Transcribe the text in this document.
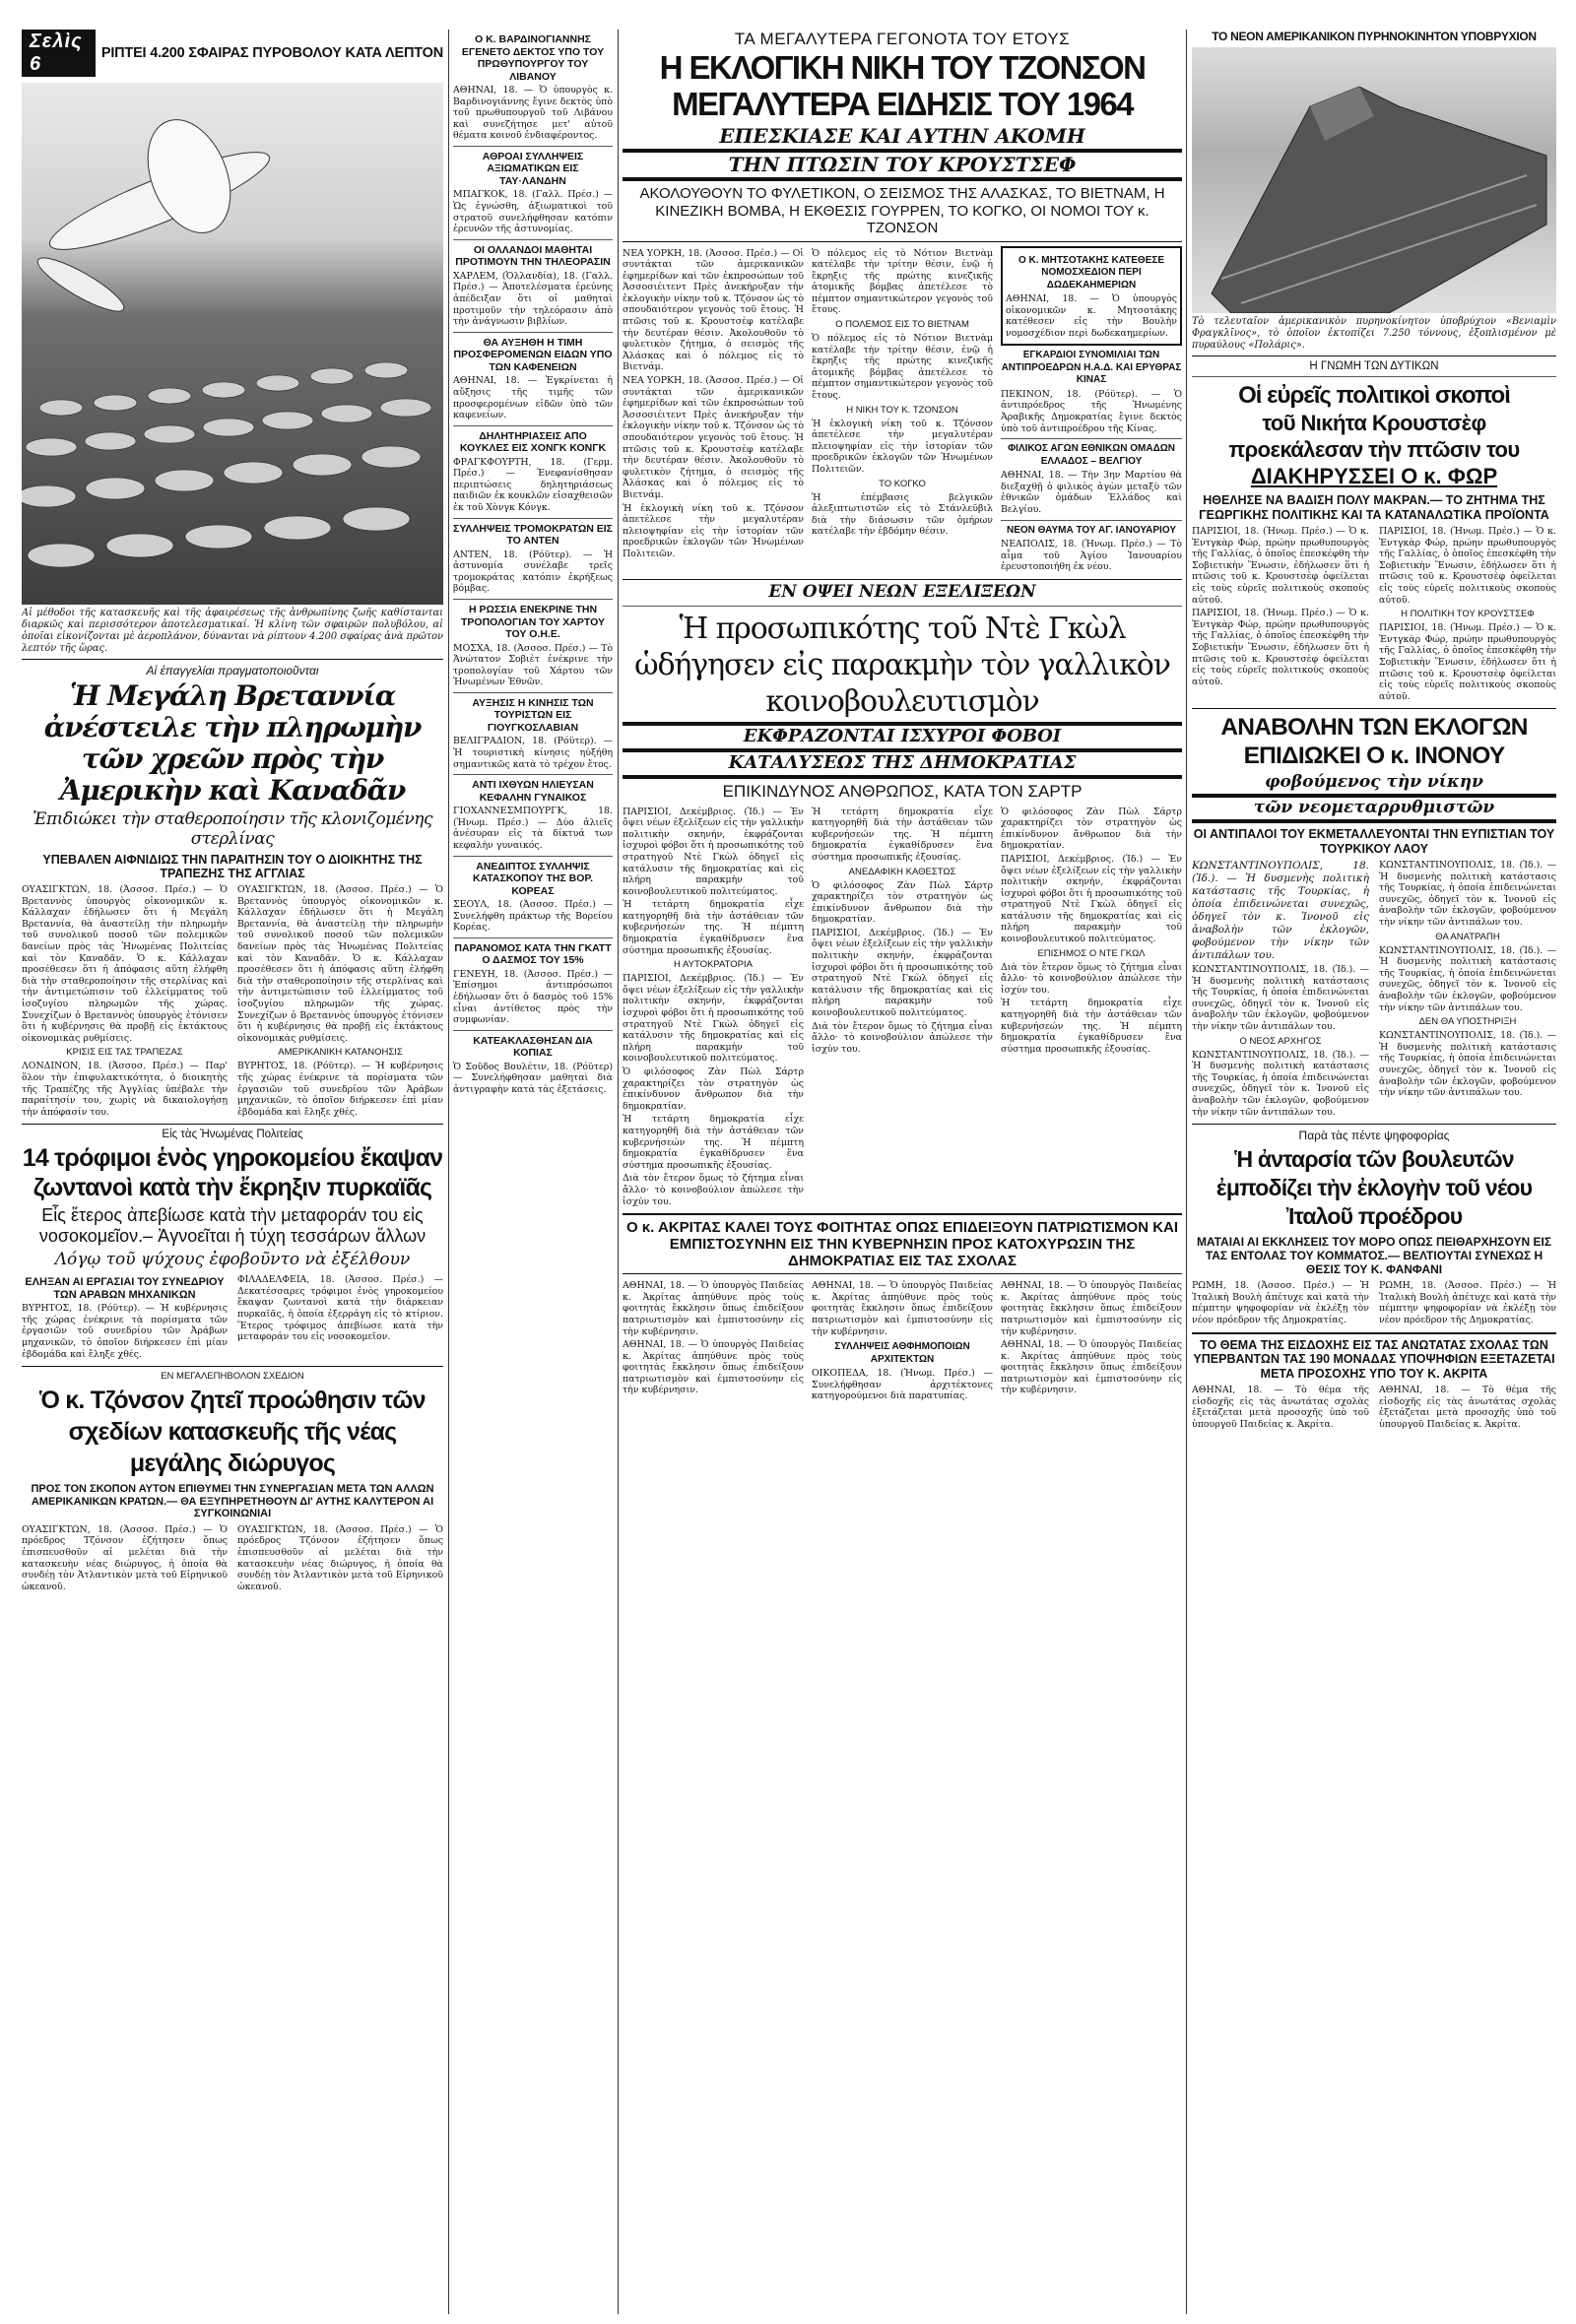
Σελὶς 6	ΡΙΠΤΕΙ 4.200 ΣΦΑΙΡΑΣ ΠΥΡΟΒΟΛΟΥ ΚΑΤΑ ΛΕΠΤΟΝ
Αἱ μέθοδοι τῆς κατασκευῆς καὶ τῆς ἀφαιρέσεως τῆς ἀνθρωπίνης ζωῆς καθίστανται διαρκῶς καὶ περισσότερον ἀποτελεσματικαί. Ἡ κλίνη τῶν σφαιρῶν πολυβόλου, αἱ ὁποῖαι εἰκονίζονται μὲ ἀεροπλάνον, δύνανται νὰ ρίπτουν 4.200 σφαίρας ἀνὰ πρῶτον λεπτόν τῆς ὥρας.
Αἱ ἐπαγγελίαι πραγματοποιοῦνται
Ἡ Μεγάλη Βρεταννία ἀνέστειλε τὴν πληρωμὴν τῶν χρεῶν πρὸς τὴν Ἀμερικὴν καὶ Καναδᾶν
Ἐπιδιώκει τὴν σταθεροποίησιν τῆς κλονιζομένης στερλίνας
ΥΠΕΒΑΛΕΝ ΑΙΦΝΙΔΙΩΣ ΤΗΝ ΠΑΡΑΙΤΗΣΙΝ ΤΟΥ Ο ΔΙΟΙΚΗΤΗΣ ΤΗΣ ΤΡΑΠΕΖΗΣ ΤΗΣ ΑΓΓΛΙΑΣ
ΟΥΑΣΙΓΚΤΩΝ, 18. (Ἀσσοσ. Πρέσ.) — Ὁ Βρεταννὸς ὑπουργὸς οἰκονομικῶν κ. Κάλλαχαν ἐδήλωσεν ὅτι ἡ Μεγάλη Βρεταννία, θὰ ἀναστείλῃ τὴν πληρωμὴν τοῦ συνολικοῦ ποσοῦ τῶν πολεμικῶν δανείων πρὸς τὰς Ἡνωμένας Πολιτείας καὶ τὸν Καναδᾶν. Ὁ κ. Κάλλαχαν προσέθεσεν ὅτι ἡ ἀπόφασις αὕτη ἐλήφθη διὰ τὴν σταθεροποίησιν τῆς στερλίνας καὶ τὴν ἀντιμετώπισιν τοῦ ἐλλείμματος τοῦ ἰσοζυγίου πληρωμῶν τῆς χώρας. Συνεχίζων ὁ Βρεταννὸς ὑπουργὸς ἐτόνισεν ὅτι ἡ κυβέρνησις θὰ προβῇ εἰς ἐκτάκτους οἰκονομικὰς ρυθμίσεις.
ΚΡΙΣΙΣ ΕΙΣ ΤΑΣ ΤΡΑΠΕΖΑΣ
ΛΟΝΔΙΝΟΝ, 18. (Ἀσσοσ. Πρέσ.) — Παρ' ὅλον τὴν ἐπιφυλακτικότητα, ὁ διοικητὴς τῆς Τραπέζης τῆς Ἀγγλίας ὑπέβαλε τὴν παραίτησίν του, χωρὶς νὰ δικαιολογήσῃ τὴν ἀπόφασίν του.
ΟΥΑΣΙΓΚΤΩΝ, 18. (Ἀσσοσ. Πρέσ.) — Ὁ Βρεταννὸς ὑπουργὸς οἰκονομικῶν κ. Κάλλαχαν ἐδήλωσεν ὅτι ἡ Μεγάλη Βρεταννία, θὰ ἀναστείλῃ τὴν πληρωμὴν τοῦ συνολικοῦ ποσοῦ τῶν πολεμικῶν δανείων πρὸς τὰς Ἡνωμένας Πολιτείας καὶ τὸν Καναδᾶν. Ὁ κ. Κάλλαχαν προσέθεσεν ὅτι ἡ ἀπόφασις αὕτη ἐλήφθη διὰ τὴν σταθεροποίησιν τῆς στερλίνας καὶ τὴν ἀντιμετώπισιν τοῦ ἐλλείμματος τοῦ ἰσοζυγίου πληρωμῶν τῆς χώρας. Συνεχίζων ὁ Βρεταννὸς ὑπουργὸς ἐτόνισεν ὅτι ἡ κυβέρνησις θὰ προβῇ εἰς ἐκτάκτους οἰκονομικὰς ρυθμίσεις.
ΑΜΕΡΙΚΑΝΙΚΗ ΚΑΤΑΝΟΗΣΙΣ
ΒΥΡΗΤΟΣ, 18. (Ρόϋτερ). — Ἡ κυβέρνησις τῆς χώρας ἐνέκρινε τὰ πορίσματα τῶν ἐργασιῶν τοῦ συνεδρίου τῶν Ἀράβων μηχανικῶν, τὸ ὁποῖον διήρκεσεν ἐπὶ μίαν ἑβδομάδα καὶ ἔληξε χθές.
Εἰς τὰς Ἡνωμένας Πολιτείας
14 τρόφιμοι ἑνὸς γηροκομείου ἔκαψαν ζωντανοὶ κατὰ τὴν ἔκρηξιν πυρκαϊᾶς
Εἷς ἕτερος ἀπεβίωσε κατὰ τὴν μεταφοράν του εἰς νοσοκομεῖον.– Ἀγνοεῖται ἡ τύχη τεσσάρων ἄλλων
Λόγῳ τοῦ ψύχους ἐφοβοῦντο νὰ ἐξέλθουν
ΕΛΗΞΑΝ ΑΙ ΕΡΓΑΣΙΑΙ ΤΟΥ ΣΥΝΕΔΡΙΟΥ ΤΩΝ ΑΡΑΒΩΝ ΜΗΧΑΝΙΚΩΝ
ΒΥΡΗΤΟΣ, 18. (Ρόϋτερ). — Ἡ κυβέρνησις τῆς χώρας ἐνέκρινε τὰ πορίσματα τῶν ἐργασιῶν τοῦ συνεδρίου τῶν Ἀράβων μηχανικῶν, τὸ ὁποῖον διήρκεσεν ἐπὶ μίαν ἑβδομάδα καὶ ἔληξε χθές.
ΦΙΛΑΔΕΛΦΕΙΑ, 18. (Ἀσσοσ. Πρέσ.) — Δεκατέσσαρες τρόφιμοι ἐνὸς γηροκομείου ἔκαψαν ζωντανοὶ κατὰ τὴν διάρκειαν πυρκαϊᾶς, ἡ ὁποία ἐξερράγη εἰς τὸ κτίριον. Ἕτερος τρόφιμος ἀπεβίωσε κατὰ τὴν μεταφοράν του εἰς νοσοκομεῖον.
ΕΝ ΜΕΓΑΛΕΠΗΒΟΛΟΝ ΣΧΕΔΙΟΝ
Ὁ κ. Τζόνσον ζητεῖ προώθησιν τῶν σχεδίων κατασκευῆς τῆς νέας μεγάλης διώρυγος
ΠΡΟΣ ΤΟΝ ΣΚΟΠΟΝ ΑΥΤΟΝ ΕΠΙΘΥΜΕΙ ΤΗΝ ΣΥΝΕΡΓΑΣΙΑΝ ΜΕΤΑ ΤΩΝ ΑΛΛΩΝ ΑΜΕΡΙΚΑΝΙΚΩΝ ΚΡΑΤΩΝ.— ΘΑ ΕΞΥΠΗΡΕΤΗΘΟΥΝ ΔΙ' ΑΥΤΗΣ ΚΑΛΥΤΕΡΟΝ ΑΙ ΣΥΓΚΟΙΝΩΝΙΑΙ
ΟΥΑΣΙΓΚΤΩΝ, 18. (Ἀσσοσ. Πρέσ.) — Ὁ πρόεδρος Τζόνσον ἐζήτησεν ὅπως ἐπισπευσθοῦν αἱ μελέται διὰ τὴν κατασκευὴν νέας διώρυγος, ἡ ὁποία θὰ συνδέῃ τὸν Ἀτλαντικὸν μετὰ τοῦ Εἰρηνικοῦ ὠκεανοῦ.
ΟΥΑΣΙΓΚΤΩΝ, 18. (Ἀσσοσ. Πρέσ.) — Ὁ πρόεδρος Τζόνσον ἐζήτησεν ὅπως ἐπισπευσθοῦν αἱ μελέται διὰ τὴν κατασκευὴν νέας διώρυγος, ἡ ὁποία θὰ συνδέῃ τὸν Ἀτλαντικὸν μετὰ τοῦ Εἰρηνικοῦ ὠκεανοῦ.
Ο Κ. ΒΑΡΔΙΝΟΓΙΑΝΝΗΣ ΕΓΕΝΕΤΟ ΔΕΚΤΟΣ ΥΠΟ ΤΟΥ ΠΡΩΘΥΠΟΥΡΓΟΥ ΤΟΥ ΛΙΒΑΝΟΥ
ΑΘΗΝΑΙ, 18. — Ὁ ὑπουργὸς κ. Βαρδινογιάννης ἔγινε δεκτὸς ὑπὸ τοῦ πρωθυπουργοῦ τοῦ Λιβάνου καὶ συνεζήτησε μετ' αὐτοῦ θέματα κοινοῦ ἐνδιαφέροντος.
ΑΘΡΟΑΙ ΣΥΛΛΗΨΕΙΣ ΑΞΙΩΜΑΤΙΚΩΝ ΕΙΣ ΤΑΥ·ΛΑΝΔΗΝ
ΜΠΑΓΚΟΚ, 18. (Γαλλ. Πρέσ.) — Ὡς ἐγνώσθη, ἀξιωματικοὶ τοῦ στρατοῦ συνελήφθησαν κατόπιν ἐρευνῶν τῆς ἀστυνομίας.
ΟΙ ΟΛΛΑΝΔΟΙ ΜΑΘΗΤΑΙ ΠΡΟΤΙΜΟΥΝ ΤΗΝ ΤΗΛΕΟΡΑΣΙΝ
ΧΑΡΛΕΜ, (Ὁλλανδία), 18. (Γαλλ. Πρέσ.) — Ἀποτελέσματα ἐρεύνης ἀπέδειξαν ὅτι οἱ μαθηταὶ προτιμοῦν τὴν τηλεόρασιν ἀπὸ τὴν ἀνάγνωσιν βιβλίων.
ΘΑ ΑΥΞΗΘΗ Η ΤΙΜΗ ΠΡΟΣΦΕΡΟΜΕΝΩΝ ΕΙΔΩΝ ΥΠΟ ΤΩΝ ΚΑΦΕΝΕΙΩΝ
ΑΘΗΝΑΙ, 18. — Ἐγκρίνεται ἡ αὔξησις τῆς τιμῆς τῶν προσφερομένων εἰδῶν ὑπὸ τῶν καφενείων.
ΔΗΛΗΤΗΡΙΑΣΕΙΣ ΑΠΟ ΚΟΥΚΛΕΣ ΕΙΣ ΧΟΝΓΚ ΚΟΝΓΚ
ΦΡΑΓΚΦΟΥΡΤΗ, 18. (Γερμ. Πρέσ.) — Ἐνεφανίσθησαν περιπτώσεις δηλητηριάσεως παιδιῶν ἐκ κουκλῶν εἰσαχθεισῶν ἐκ τοῦ Χὸνγκ Κόνγκ.
ΣΥΛΛΗΨΕΙΣ ΤΡΟΜΟΚΡΑΤΩΝ ΕΙΣ ΤΟ ΑΝΤΕΝ
ΑΝΤΕΝ, 18. (Ρόϋτερ). — Ἡ ἀστυνομία συνέλαβε τρεῖς τρομοκράτας κατόπιν ἐκρήξεως βόμβας.
Η ΡΩΣΣΙΑ ΕΝΕΚΡΙΝΕ ΤΗΝ ΤΡΟΠΟΛΟΓΙΑΝ ΤΟΥ ΧΑΡΤΟΥ ΤΟΥ Ο.Η.Ε.
ΜΟΣΧΑ, 18. (Ἀσσοσ. Πρέσ.) — Τὸ Ἀνώτατον Σοβιὲτ ἐνέκρινε τὴν τροπολογίαν τοῦ Χάρτου τῶν Ἡνωμένων Ἐθνῶν.
ΑΥΞΗΣΙΣ Η ΚΙΝΗΣΙΣ ΤΩΝ ΤΟΥΡΙΣΤΩΝ ΕΙΣ ΓΙΟΥΓΚΟΣΛΑΒΙΑΝ
ΒΕΛΙΓΡΑΔΙΟΝ, 18. (Ρόϋτερ). — Ἡ τουριστικὴ κίνησις ηὐξήθη σημαντικῶς κατὰ τὸ τρέχον ἔτος.
ΑΝΤΙ ΙΧΘΥΩΝ ΗΛΙΕΥΣΑΝ ΚΕΦΑΛΗΝ ΓΥΝΑΙΚΟΣ
ΓΙΟΧΑΝΝΕΣΜΠΟΥΡΓΚ, 18. (Ἡνωμ. Πρέσ.) — Δύο ἁλιεῖς ἀνέσυραν εἰς τὰ δίκτυά των κεφαλὴν γυναικός.
ΑΝΕΔΙΠΤΟΣ ΣΥΛΛΗΨΙΣ ΚΑΤΑΣΚΟΠΟΥ ΤΗΣ ΒΟΡ. ΚΟΡΕΑΣ
ΣΕΟΥΛ, 18. (Ἀσσοσ. Πρέσ.) — Συνελήφθη πράκτωρ τῆς Βορείου Κορέας.
ΠΑΡΑΝΟΜΟΣ ΚΑΤΑ ΤΗΝ ΓΚΑΤΤ Ο ΔΑΣΜΟΣ ΤΟΥ 15%
ΓΕΝΕΥΗ, 18. (Ἀσσοσ. Πρέσ.) — Ἐπίσημοι ἀντιπρόσωποι ἐδήλωσαν ὅτι ὁ δασμὸς τοῦ 15% εἶναι ἀντίθετος πρὸς τὴν συμφωνίαν.
ΚΑΤΕΑΚΛΑΣΘΗΣΑΝ ΔΙΑ ΚΟΠΙΑΣ
Ὁ Σοῦδος Βουλέτιν, 18. (Ρόϋτερ) — Συνελήφθησαν μαθηταὶ διὰ ἀντιγραφὴν κατὰ τὰς ἐξετάσεις.
ΤΑ ΜΕΓΑΛΥΤΕΡΑ ΓΕΓΟΝΟΤΑ ΤΟΥ ΕΤΟΥΣ
Η ΕΚΛΟΓΙΚΗ ΝΙΚΗ ΤΟΥ ΤΖΟΝΣΟΝ
ΜΕΓΑΛΥΤΕΡΑ ΕΙΔΗΣΙΣ ΤΟΥ 1964
ΕΠΕΣΚΙΑΣΕ ΚΑΙ ΑΥΤΗΝ ΑΚΟΜΗ
ΤΗΝ ΠΤΩΣΙΝ ΤΟΥ ΚΡΟΥΣΤΣΕΦ
ΑΚΟΛΟΥΘΟΥΝ ΤΟ ΦΥΛΕΤΙΚΟΝ, Ο ΣΕΙΣΜΟΣ ΤΗΣ ΑΛΑΣΚΑΣ, ΤΟ ΒΙΕΤΝΑΜ, Η ΚΙΝΕΖΙΚΗ ΒΟΜΒΑ, Η ΕΚΘΕΣΙΣ ΓΟΥΡΡΕΝ, ΤΟ ΚΟΓΚΟ, ΟΙ ΝΟΜΟΙ ΤΟΥ κ. ΤΖΟΝΣΟΝ
ΝΕΑ ΥΟΡΚΗ, 18. (Ἀσσοσ. Πρέσ.) — Οἱ συντάκται τῶν ἀμερικανικῶν ἐφημερίδων καὶ τῶν ἐκπροσώπων τοῦ Ἀσσοσιέιτεντ Πρὲς ἀνεκήρυξαν τὴν ἐκλογικὴν νίκην τοῦ κ. Τζόνσον ὡς τὸ σπουδαιότερον γεγονὸς τοῦ ἔτους. Ἡ πτῶσις τοῦ κ. Κρουστσὲφ κατέλαβε τὴν δευτέραν θέσιν. Ἀκολουθοῦν τὸ φυλετικὸν ζήτημα, ὁ σεισμὸς τῆς Ἀλάσκας καὶ ὁ πόλεμος εἰς τὸ Βιετνάμ.
ΝΕΑ ΥΟΡΚΗ, 18. (Ἀσσοσ. Πρέσ.) — Οἱ συντάκται τῶν ἀμερικανικῶν ἐφημερίδων καὶ τῶν ἐκπροσώπων τοῦ Ἀσσοσιέιτεντ Πρὲς ἀνεκήρυξαν τὴν ἐκλογικὴν νίκην τοῦ κ. Τζόνσον ὡς τὸ σπουδαιότερον γεγονὸς τοῦ ἔτους. Ἡ πτῶσις τοῦ κ. Κρουστσὲφ κατέλαβε τὴν δευτέραν θέσιν. Ἀκολουθοῦν τὸ φυλετικὸν ζήτημα, ὁ σεισμὸς τῆς Ἀλάσκας καὶ ὁ πόλεμος εἰς τὸ Βιετνάμ.
Ἡ ἐκλογικὴ νίκη τοῦ κ. Τζόνσον ἀπετέλεσε τὴν μεγαλυτέραν πλειοψηφίαν εἰς τὴν ἱστορίαν τῶν προεδρικῶν ἐκλογῶν τῶν Ἡνωμένων Πολιτειῶν.
Ὁ πόλεμος εἰς τὸ Νότιον Βιετνὰμ κατέλαβε τὴν τρίτην θέσιν, ἐνῷ ἡ ἔκρηξις τῆς πρώτης κινεζικῆς ἀτομικῆς βόμβας ἀπετέλεσε τὸ πέμπτον σημαντικώτερον γεγονὸς τοῦ ἔτους.
Ο ΠΟΛΕΜΟΣ ΕΙΣ ΤΟ ΒΙΕΤΝΑΜ
Ὁ πόλεμος εἰς τὸ Νότιον Βιετνὰμ κατέλαβε τὴν τρίτην θέσιν, ἐνῷ ἡ ἔκρηξις τῆς πρώτης κινεζικῆς ἀτομικῆς βόμβας ἀπετέλεσε τὸ πέμπτον σημαντικώτερον γεγονὸς τοῦ ἔτους.
Η ΝΙΚΗ ΤΟΥ Κ. ΤΖΟΝΣΟΝ
Ἡ ἐκλογικὴ νίκη τοῦ κ. Τζόνσον ἀπετέλεσε τὴν μεγαλυτέραν πλειοψηφίαν εἰς τὴν ἱστορίαν τῶν προεδρικῶν ἐκλογῶν τῶν Ἡνωμένων Πολιτειῶν.
ΤΟ ΚΟΓΚΟ
Ἡ ἐπέμβασις βελγικῶν ἀλεξιπτωτιστῶν εἰς τὸ Στάνλεϋβιλ διὰ τὴν διάσωσιν τῶν ὁμήρων κατέλαβε τὴν ἑβδόμην θέσιν.
Ο Κ. ΜΗΤΣΟΤΑΚΗΣ ΚΑΤΕΘΕΣΕ ΝΟΜΟΣΧΕΔΙΟΝ ΠΕΡΙ ΔΩΔΕΚΑΗΜΕΡΙΩΝ
ΑΘΗΝΑΙ, 18. — Ὁ ὑπουργὸς οἰκονομικῶν κ. Μητσοτάκης κατέθεσεν εἰς τὴν Βουλὴν νομοσχέδιον περὶ δωδεκαημερίων.
ΕΓΚΑΡΔΙΟΙ ΣΥΝΟΜΙΛΙΑΙ ΤΩΝ ΑΝΤΙΠΡΟΕΔΡΩΝ Η.Α.Δ. ΚΑΙ ΕΡΥΘΡΑΣ ΚΙΝΑΣ
ΠΕΚΙΝΟΝ, 18. (Ρόϋτερ). — Ὁ ἀντιπρόεδρος τῆς Ἡνωμένης Ἀραβικῆς Δημοκρατίας ἔγινε δεκτὸς ὑπὸ τοῦ ἀντιπροέδρου τῆς Κίνας.
ΦΙΛΙΚΟΣ ΑΓΩΝ ΕΘΝΙΚΩΝ ΟΜΑΔΩΝ ΕΛΛΑΔΟΣ – ΒΕΛΓΙΟΥ
ΑΘΗΝΑΙ, 18. — Τὴν 3ην Μαρτίου θὰ διεξαχθῇ ὁ φιλικὸς ἀγὼν μεταξὺ τῶν ἐθνικῶν ὁμάδων Ἑλλάδος καὶ Βελγίου.
ΝΕΟΝ ΘΑΥΜΑ ΤΟΥ ΑΓ. ΙΑΝΟΥΑΡΙΟΥ
ΝΕΑΠΟΛΙΣ, 18. (Ἡνωμ. Πρέσ.) — Τὸ αἷμα τοῦ Ἁγίου Ἰανουαρίου ἐρευστοποιήθη ἐκ νέου.
ΕΝ ΟΨΕΙ ΝΕΩΝ ΕΞΕΛΙΞΕΩΝ
Ἡ προσωπικότης τοῦ Ντὲ Γκὼλ ὡδήγησεν εἰς παρακμὴν τὸν γαλλικὸν κοινοβουλευτισμὸν
ΕΚΦΡΑΖΟΝΤΑΙ ΙΣΧΥΡΟΙ ΦΟΒΟΙ
ΚΑΤΑΛΥΣΕΩΣ ΤΗΣ ΔΗΜΟΚΡΑΤΙΑΣ
ΕΠΙΚΙΝΔΥΝΟΣ ΑΝΘΡΩΠΟΣ, ΚΑΤΑ ΤΟΝ ΣΑΡΤΡ
ΠΑΡΙΣΙΟΙ, Δεκέμβριος. (Ἰδ.) — Ἐν ὄψει νέων ἐξελίξεων εἰς τὴν γαλλικὴν πολιτικὴν σκηνήν, ἐκφράζονται ἰσχυροὶ φόβοι ὅτι ἡ προσωπικότης τοῦ στρατηγοῦ Ντὲ Γκὼλ ὁδηγεῖ εἰς κατάλυσιν τῆς δημοκρατίας καὶ εἰς πλήρη παρακμὴν τοῦ κοινοβουλευτικοῦ πολιτεύματος.
Ἡ τετάρτη δημοκρατία εἶχε κατηγορηθῆ διὰ τὴν ἀστάθειαν τῶν κυβερνήσεών της. Ἡ πέμπτη δημοκρατία ἐγκαθίδρυσεν ἕνα σύστημα προσωπικῆς ἐξουσίας.
Η ΑΥΤΟΚΡΑΤΟΡΙΑ
ΠΑΡΙΣΙΟΙ, Δεκέμβριος. (Ἰδ.) — Ἐν ὄψει νέων ἐξελίξεων εἰς τὴν γαλλικὴν πολιτικὴν σκηνήν, ἐκφράζονται ἰσχυροὶ φόβοι ὅτι ἡ προσωπικότης τοῦ στρατηγοῦ Ντὲ Γκὼλ ὁδηγεῖ εἰς κατάλυσιν τῆς δημοκρατίας καὶ εἰς πλήρη παρακμὴν τοῦ κοινοβουλευτικοῦ πολιτεύματος.
Ὁ φιλόσοφος Ζὰν Πὼλ Σάρτρ χαρακτηρίζει τὸν στρατηγὸν ὡς ἐπικίνδυνον ἄνθρωπον διὰ τὴν δημοκρατίαν.
Ἡ τετάρτη δημοκρατία εἶχε κατηγορηθῆ διὰ τὴν ἀστάθειαν τῶν κυβερνήσεών της. Ἡ πέμπτη δημοκρατία ἐγκαθίδρυσεν ἕνα σύστημα προσωπικῆς ἐξουσίας.
Διὰ τὸν ἔτερον ὅμως τὸ ζήτημα εἶναι ἄλλο· τὸ κοινοβούλιον ἀπώλεσε τὴν ἰσχύν του.
Ἡ τετάρτη δημοκρατία εἶχε κατηγορηθῆ διὰ τὴν ἀστάθειαν τῶν κυβερνήσεών της. Ἡ πέμπτη δημοκρατία ἐγκαθίδρυσεν ἕνα σύστημα προσωπικῆς ἐξουσίας.
ΑΝΕΔΑΦΙΚΗ ΚΑΘΕΣΤΩΣ
Ὁ φιλόσοφος Ζὰν Πὼλ Σάρτρ χαρακτηρίζει τὸν στρατηγὸν ὡς ἐπικίνδυνον ἄνθρωπον διὰ τὴν δημοκρατίαν.
ΠΑΡΙΣΙΟΙ, Δεκέμβριος. (Ἰδ.) — Ἐν ὄψει νέων ἐξελίξεων εἰς τὴν γαλλικὴν πολιτικὴν σκηνήν, ἐκφράζονται ἰσχυροὶ φόβοι ὅτι ἡ προσωπικότης τοῦ στρατηγοῦ Ντὲ Γκὼλ ὁδηγεῖ εἰς κατάλυσιν τῆς δημοκρατίας καὶ εἰς πλήρη παρακμὴν τοῦ κοινοβουλευτικοῦ πολιτεύματος.
Διὰ τὸν ἔτερον ὅμως τὸ ζήτημα εἶναι ἄλλο· τὸ κοινοβούλιον ἀπώλεσε τὴν ἰσχύν του.
Ὁ φιλόσοφος Ζὰν Πὼλ Σάρτρ χαρακτηρίζει τὸν στρατηγὸν ὡς ἐπικίνδυνον ἄνθρωπον διὰ τὴν δημοκρατίαν.
ΠΑΡΙΣΙΟΙ, Δεκέμβριος. (Ἰδ.) — Ἐν ὄψει νέων ἐξελίξεων εἰς τὴν γαλλικὴν πολιτικὴν σκηνήν, ἐκφράζονται ἰσχυροὶ φόβοι ὅτι ἡ προσωπικότης τοῦ στρατηγοῦ Ντὲ Γκὼλ ὁδηγεῖ εἰς κατάλυσιν τῆς δημοκρατίας καὶ εἰς πλήρη παρακμὴν τοῦ κοινοβουλευτικοῦ πολιτεύματος.
ΕΠΙΣΗΜΟΣ Ο ΝΤΕ ΓΚΩΛ
Διὰ τὸν ἔτερον ὅμως τὸ ζήτημα εἶναι ἄλλο· τὸ κοινοβούλιον ἀπώλεσε τὴν ἰσχύν του.
Ἡ τετάρτη δημοκρατία εἶχε κατηγορηθῆ διὰ τὴν ἀστάθειαν τῶν κυβερνήσεών της. Ἡ πέμπτη δημοκρατία ἐγκαθίδρυσεν ἕνα σύστημα προσωπικῆς ἐξουσίας.
Ο κ. ΑΚΡΙΤΑΣ ΚΑΛΕΙ ΤΟΥΣ ΦΟΙΤΗΤΑΣ ΟΠΩΣ ΕΠΙΔΕΙΞΟΥΝ ΠΑΤΡΙΩΤΙΣΜΟΝ ΚΑΙ ΕΜΠΙΣΤΟΣΥΝΗΝ ΕΙΣ ΤΗΝ ΚΥΒΕΡΝΗΣΙΝ ΠΡΟΣ ΚΑΤΟΧΥΡΩΣΙΝ ΤΗΣ ΔΗΜΟΚΡΑΤΙΑΣ ΕΙΣ ΤΑΣ ΣΧΟΛΑΣ
ΑΘΗΝΑΙ, 18. — Ὁ ὑπουργὸς Παιδείας κ. Ἀκρίτας ἀπηύθυνε πρὸς τοὺς φοιτητὰς ἔκκλησιν ὅπως ἐπιδείξουν πατριωτισμὸν καὶ ἐμπιστοσύνην εἰς τὴν κυβέρνησιν.
ΑΘΗΝΑΙ, 18. — Ὁ ὑπουργὸς Παιδείας κ. Ἀκρίτας ἀπηύθυνε πρὸς τοὺς φοιτητὰς ἔκκλησιν ὅπως ἐπιδείξουν πατριωτισμὸν καὶ ἐμπιστοσύνην εἰς τὴν κυβέρνησιν.
ΑΘΗΝΑΙ, 18. — Ὁ ὑπουργὸς Παιδείας κ. Ἀκρίτας ἀπηύθυνε πρὸς τοὺς φοιτητὰς ἔκκλησιν ὅπως ἐπιδείξουν πατριωτισμὸν καὶ ἐμπιστοσύνην εἰς τὴν κυβέρνησιν.
ΣΥΛΛΗΨΕΙΣ ΑΘΦΗΜΟΠΟΙΩΝ ΑΡΧΙΤΕΚΤΩΝ
ΟΙΚΟΠΕΔΑ, 18. (Ἡνωμ. Πρέσ.) — Συνελήφθησαν ἀρχιτέκτονες κατηγορούμενοι διὰ παρατυπίας.
ΑΘΗΝΑΙ, 18. — Ὁ ὑπουργὸς Παιδείας κ. Ἀκρίτας ἀπηύθυνε πρὸς τοὺς φοιτητὰς ἔκκλησιν ὅπως ἐπιδείξουν πατριωτισμὸν καὶ ἐμπιστοσύνην εἰς τὴν κυβέρνησιν.
ΑΘΗΝΑΙ, 18. — Ὁ ὑπουργὸς Παιδείας κ. Ἀκρίτας ἀπηύθυνε πρὸς τοὺς φοιτητὰς ἔκκλησιν ὅπως ἐπιδείξουν πατριωτισμὸν καὶ ἐμπιστοσύνην εἰς τὴν κυβέρνησιν.
ΤΟ ΝΕΟΝ ΑΜΕΡΙΚΑΝΙΚΟΝ ΠΥΡΗΝΟΚΙΝΗΤΟΝ ΥΠΟΒΡΥΧΙΟΝ
Τὸ τελευταῖον ἀμερικανικὸν πυρηνοκίνητον ὑποβρύχιον «Βενιαμὶν Φραγκλῖνος», τὸ ὁποῖον ἐκτοπίζει 7.250 τόννους, ἐξοπλισμένον μὲ πυραύλους «Πολάρις».
Η ΓΝΩΜΗ ΤΩΝ ΔΥΤΙΚΩΝ
Οἱ εὐρεῖς πολιτικοὶ σκοποὶ
τοῦ Νικήτα Κρουστσὲφ
προεκάλεσαν τὴν πτῶσιν του
ΔΙΑΚΗΡΥΣΣΕΙ Ο κ. ΦΩΡ
ΗΘΕΛΗΣΕ ΝΑ ΒΑΔΙΣΗ ΠΟΛΥ ΜΑΚΡΑΝ.— ΤΟ ΖΗΤΗΜΑ ΤΗΣ ΓΕΩΡΓΙΚΗΣ ΠΟΛΙΤΙΚΗΣ ΚΑΙ ΤΑ ΚΑΤΑΝΑΛΩΤΙΚΑ ΠΡΟΪΟΝΤΑ
ΠΑΡΙΣΙΟΙ, 18. (Ἡνωμ. Πρέσ.) — Ὁ κ. Ἐντγκὰρ Φώρ, πρώην πρωθυπουργὸς τῆς Γαλλίας, ὁ ὁποῖος ἐπεσκέφθη τὴν Σοβιετικὴν Ἕνωσιν, ἐδήλωσεν ὅτι ἡ πτῶσις τοῦ κ. Κρουστσὲφ ὀφείλεται εἰς τοὺς εὐρεῖς πολιτικοὺς σκοποὺς αὐτοῦ.
ΠΑΡΙΣΙΟΙ, 18. (Ἡνωμ. Πρέσ.) — Ὁ κ. Ἐντγκὰρ Φώρ, πρώην πρωθυπουργὸς τῆς Γαλλίας, ὁ ὁποῖος ἐπεσκέφθη τὴν Σοβιετικὴν Ἕνωσιν, ἐδήλωσεν ὅτι ἡ πτῶσις τοῦ κ. Κρουστσὲφ ὀφείλεται εἰς τοὺς εὐρεῖς πολιτικοὺς σκοποὺς αὐτοῦ.
ΠΑΡΙΣΙΟΙ, 18. (Ἡνωμ. Πρέσ.) — Ὁ κ. Ἐντγκὰρ Φώρ, πρώην πρωθυπουργὸς τῆς Γαλλίας, ὁ ὁποῖος ἐπεσκέφθη τὴν Σοβιετικὴν Ἕνωσιν, ἐδήλωσεν ὅτι ἡ πτῶσις τοῦ κ. Κρουστσὲφ ὀφείλεται εἰς τοὺς εὐρεῖς πολιτικοὺς σκοποὺς αὐτοῦ.
Η ΠΟΛΙΤΙΚΗ ΤΟΥ ΚΡΟΥΣΤΣΕΦ
ΠΑΡΙΣΙΟΙ, 18. (Ἡνωμ. Πρέσ.) — Ὁ κ. Ἐντγκὰρ Φώρ, πρώην πρωθυπουργὸς τῆς Γαλλίας, ὁ ὁποῖος ἐπεσκέφθη τὴν Σοβιετικὴν Ἕνωσιν, ἐδήλωσεν ὅτι ἡ πτῶσις τοῦ κ. Κρουστσὲφ ὀφείλεται εἰς τοὺς εὐρεῖς πολιτικοὺς σκοποὺς αὐτοῦ.
ΑΝΑΒΟΛΗΝ ΤΩΝ ΕΚΛΟΓΩΝ
ΕΠΙΔΙΩΚΕΙ Ο κ. ΙΝΟΝΟΥ
φοβούμενος τὴν νίκην
τῶν νεοµεταρρυθμιστῶν
ΟΙ ΑΝΤΙΠΑΛΟΙ ΤΟΥ ΕΚΜΕΤΑΛΛΕΥΟΝΤΑΙ ΤΗΝ ΕΥΠΙΣΤΙΑΝ ΤΟΥ ΤΟΥΡΚΙΚΟΥ ΛΑΟΥ
ΚΩΝΣΤΑΝΤΙΝΟΥΠΟΛΙΣ, 18. (Ἰδ.). — Ἡ δυσμενὴς πολιτικὴ κατάστασις τῆς Τουρκίας, ἡ ὁποία ἐπιδεινώνεται συνεχῶς, ὁδηγεῖ τὸν κ. Ἰνονοῦ εἰς ἀναβολὴν τῶν ἐκλογῶν, φοβούμενον τὴν νίκην τῶν ἀντιπάλων του.
ΚΩΝΣΤΑΝΤΙΝΟΥΠΟΛΙΣ, 18. (Ἰδ.). — Ἡ δυσμενὴς πολιτικὴ κατάστασις τῆς Τουρκίας, ἡ ὁποία ἐπιδεινώνεται συνεχῶς, ὁδηγεῖ τὸν κ. Ἰνονοῦ εἰς ἀναβολὴν τῶν ἐκλογῶν, φοβούμενον τὴν νίκην τῶν ἀντιπάλων του.
Ο ΝΕΟΣ ΑΡΧΗΓΟΣ
ΚΩΝΣΤΑΝΤΙΝΟΥΠΟΛΙΣ, 18. (Ἰδ.). — Ἡ δυσμενὴς πολιτικὴ κατάστασις τῆς Τουρκίας, ἡ ὁποία ἐπιδεινώνεται συνεχῶς, ὁδηγεῖ τὸν κ. Ἰνονοῦ εἰς ἀναβολὴν τῶν ἐκλογῶν, φοβούμενον τὴν νίκην τῶν ἀντιπάλων του.
ΚΩΝΣΤΑΝΤΙΝΟΥΠΟΛΙΣ, 18. (Ἰδ.). — Ἡ δυσμενὴς πολιτικὴ κατάστασις τῆς Τουρκίας, ἡ ὁποία ἐπιδεινώνεται συνεχῶς, ὁδηγεῖ τὸν κ. Ἰνονοῦ εἰς ἀναβολὴν τῶν ἐκλογῶν, φοβούμενον τὴν νίκην τῶν ἀντιπάλων του.
ΘΑ ΑΝΑΤΡΑΠΗ
ΚΩΝΣΤΑΝΤΙΝΟΥΠΟΛΙΣ, 18. (Ἰδ.). — Ἡ δυσμενὴς πολιτικὴ κατάστασις τῆς Τουρκίας, ἡ ὁποία ἐπιδεινώνεται συνεχῶς, ὁδηγεῖ τὸν κ. Ἰνονοῦ εἰς ἀναβολὴν τῶν ἐκλογῶν, φοβούμενον τὴν νίκην τῶν ἀντιπάλων του.
ΔΕΝ ΘΑ ΥΠΟΣΤΗΡΙΞΗ
ΚΩΝΣΤΑΝΤΙΝΟΥΠΟΛΙΣ, 18. (Ἰδ.). — Ἡ δυσμενὴς πολιτικὴ κατάστασις τῆς Τουρκίας, ἡ ὁποία ἐπιδεινώνεται συνεχῶς, ὁδηγεῖ τὸν κ. Ἰνονοῦ εἰς ἀναβολὴν τῶν ἐκλογῶν, φοβούμενον τὴν νίκην τῶν ἀντιπάλων του.
Παρὰ τὰς πέντε ψηφοφορίας
Ἡ ἀνταρσία τῶν βουλευτῶν ἐμποδίζει τὴν ἐκλογὴν τοῦ νέου Ἰταλοῦ προέδρου
ΜΑΤΑΙΑΙ ΑΙ ΕΚΚΛΗΣΕΙΣ ΤΟΥ ΜΟΡΟ ΟΠΩΣ ΠΕΙΘΑΡΧΗΣΟΥΝ ΕΙΣ ΤΑΣ ΕΝΤΟΛΑΣ ΤΟΥ ΚΟΜΜΑΤΟΣ.— ΒΕΛΤΙΟΥΤΑΙ ΣΥΝΕΧΩΣ Η ΘΕΣΙΣ ΤΟΥ Κ. ΦΑΝΦΑΝΙ
ΡΩΜΗ, 18. (Ἀσσοσ. Πρέσ.) — Ἡ Ἰταλικὴ Βουλὴ ἀπέτυχε καὶ κατὰ τὴν πέμπτην ψηφοφορίαν νὰ ἐκλέξῃ τὸν νέον πρόεδρον τῆς Δημοκρατίας.
ΡΩΜΗ, 18. (Ἀσσοσ. Πρέσ.) — Ἡ Ἰταλικὴ Βουλὴ ἀπέτυχε καὶ κατὰ τὴν πέμπτην ψηφοφορίαν νὰ ἐκλέξῃ τὸν νέον πρόεδρον τῆς Δημοκρατίας.
ΤΟ ΘΕΜΑ ΤΗΣ ΕΙΣΔΟΧΗΣ ΕΙΣ ΤΑΣ ΑΝΩΤΑΤΑΣ ΣΧΟΛΑΣ ΤΩΝ ΥΠΕΡΒΑΝΤΩΝ ΤΑΣ 190 ΜΟΝΑΔΑΣ ΥΠΟΨΗΦΙΩΝ ΕΞΕΤΑΖΕΤΑΙ ΜΕΤΑ ΠΡΟΣΟΧΗΣ ΥΠΟ ΤΟΥ Κ. ΑΚΡΙΤΑ
ΑΘΗΝΑΙ, 18. — Τὸ θέμα τῆς εἰσδοχῆς εἰς τὰς ἀνωτάτας σχολὰς ἐξετάζεται μετὰ προσοχῆς ὑπὸ τοῦ ὑπουργοῦ Παιδείας κ. Ἀκρίτα.
ΑΘΗΝΑΙ, 18. — Τὸ θέμα τῆς εἰσδοχῆς εἰς τὰς ἀνωτάτας σχολὰς ἐξετάζεται μετὰ προσοχῆς ὑπὸ τοῦ ὑπουργοῦ Παιδείας κ. Ἀκρίτα.
